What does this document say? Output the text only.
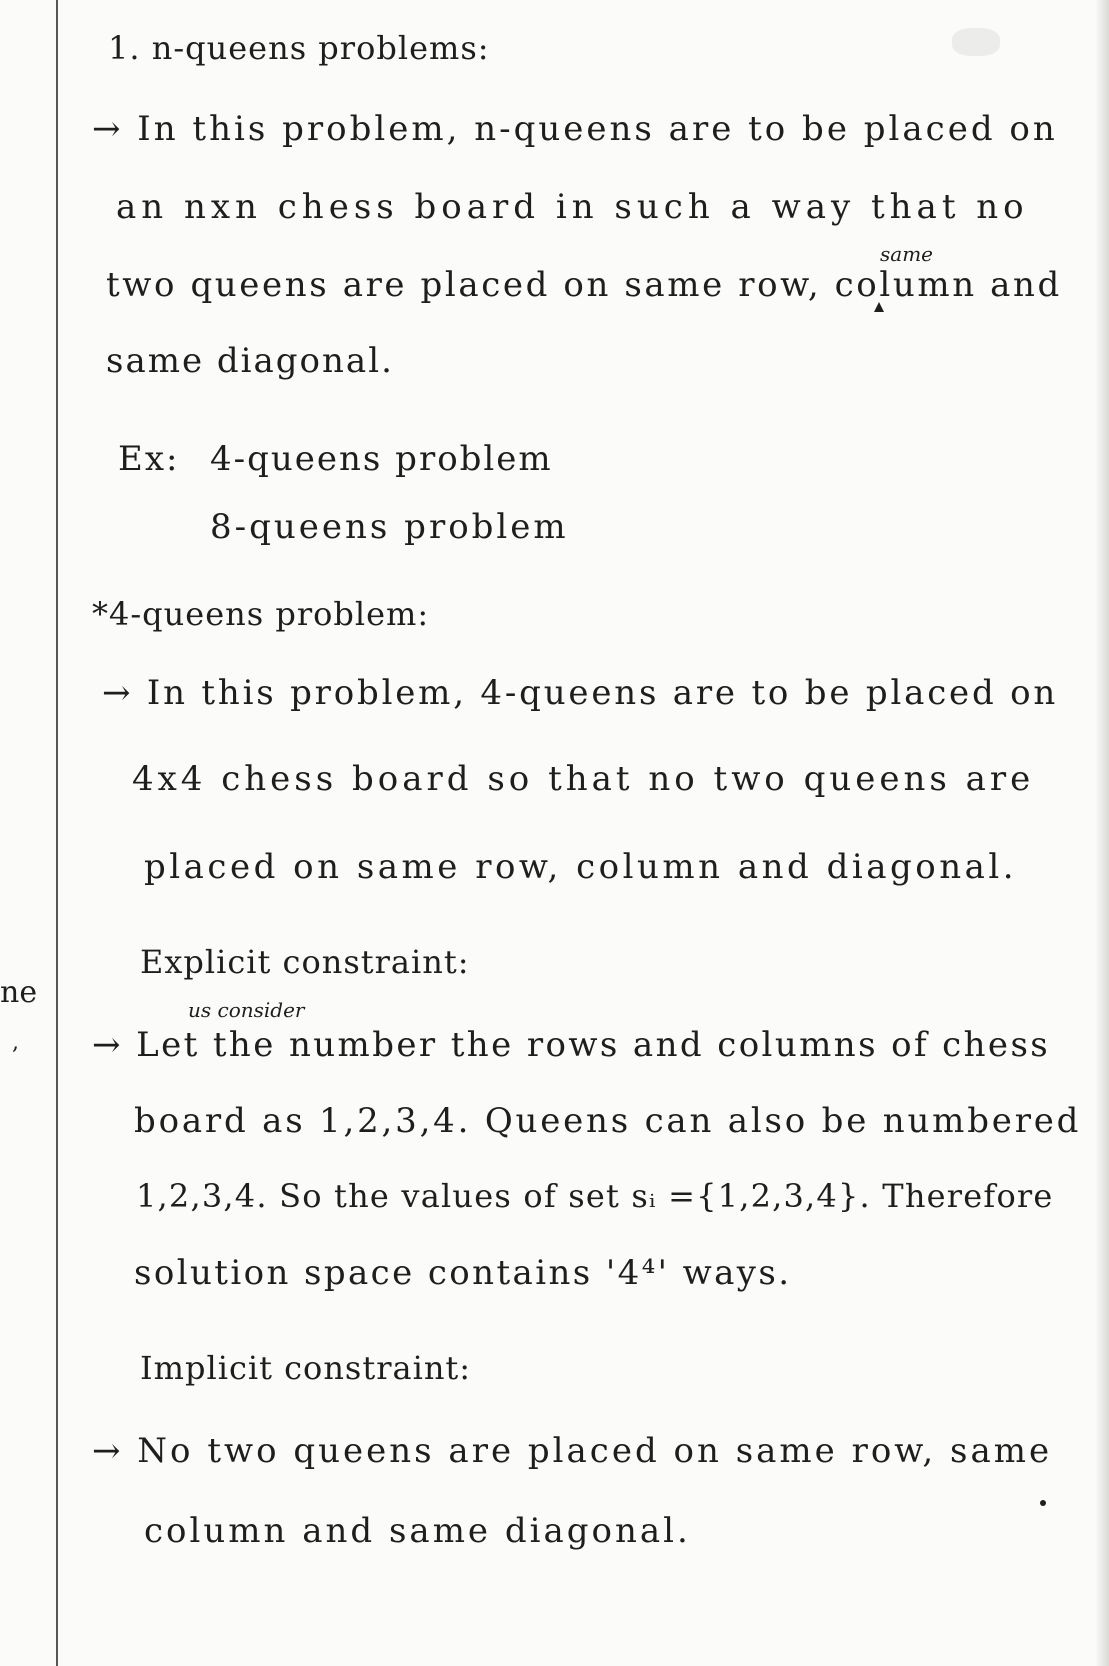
ne
,
1. n-queens problems:
→ In this problem, n-queens are to be placed on
an nxn chess board in such a way that no
same
two queens are placed on same row, column and
same diagonal.
Ex: 4-queens problem
8-queens problem
*4-queens problem:
→ In this problem, 4-queens are to be placed on
4x4 chess board so that no two queens are
placed on same row, column and diagonal.
Explicit constraint:
us consider
→ Let the number the rows and columns of chess
board as 1,2,3,4. Queens can also be numbered
1,2,3,4. So the values of set sᵢ ={1,2,3,4}. Therefore
solution space contains '4⁴' ways.
Implicit constraint:
→ No two queens are placed on same row, same
column and same diagonal.
